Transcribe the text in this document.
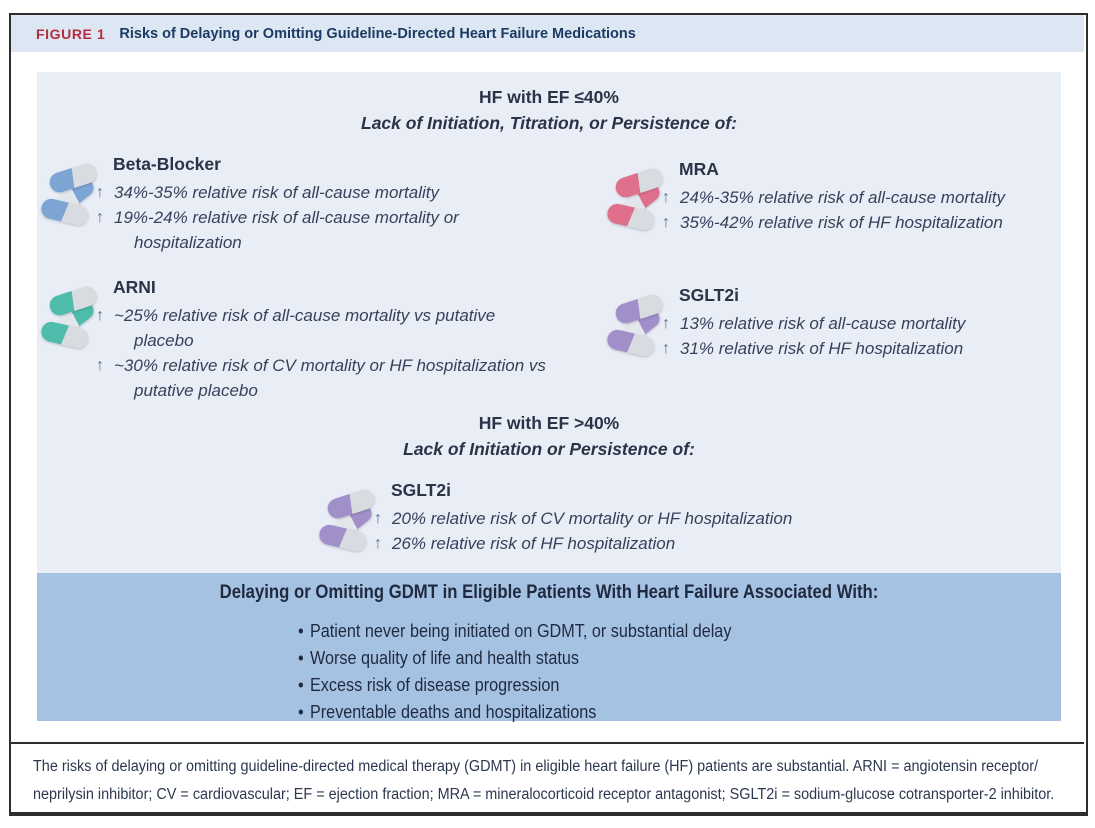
FIGURE 1 Risks of Delaying or Omitting Guideline-Directed Heart Failure Medications
HF with EF ≤40%
Lack of Initiation, Titration, or Persistence of:
Beta-Blocker
↑ 34%-35% relative risk of all-cause mortality
↑ 19%-24% relative risk of all-cause mortality or
hospitalization
MRA
↑ 24%-35% relative risk of all-cause mortality
↑ 35%-42% relative risk of HF hospitalization
ARNI
↑ ~25% relative risk of all-cause mortality vs putative
placebo
↑ ~30% relative risk of CV mortality or HF hospitalization vs
putative placebo
SGLT2i
↑ 13% relative risk of all-cause mortality
↑ 31% relative risk of HF hospitalization
HF with EF >40%
Lack of Initiation or Persistence of:
SGLT2i
↑ 20% relative risk of CV mortality or HF hospitalization
↑ 26% relative risk of HF hospitalization
Delaying or Omitting GDMT in Eligible Patients With Heart Failure Associated With:
• Patient never being initiated on GDMT, or substantial delay
• Worse quality of life and health status
• Excess risk of disease progression
• Preventable deaths and hospitalizations
The risks of delaying or omitting guideline-directed medical therapy (GDMT) in eligible heart failure (HF) patients are substantial. ARNI = angiotensin receptor/
neprilysin inhibitor; CV = cardiovascular; EF = ejection fraction; MRA = mineralocorticoid receptor antagonist; SGLT2i = sodium-glucose cotransporter-2 inhibitor.
